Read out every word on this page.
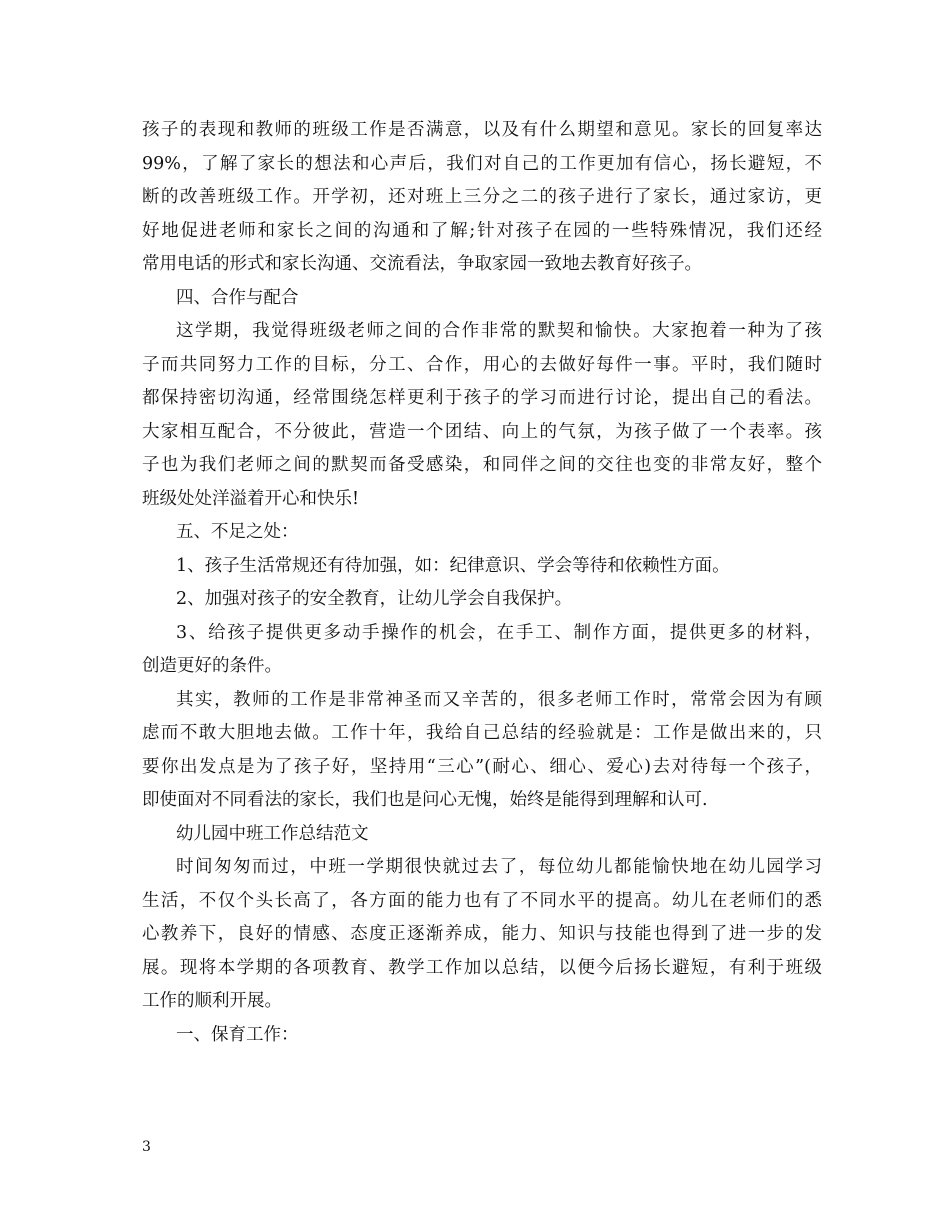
孩子的表现和教师的班级工作是否满意，以及有什么期望和意见。家长的回复率达
99%，了解了家长的想法和心声后，我们对自己的工作更加有信心，扬长避短，不
断的改善班级工作。开学初，还对班上三分之二的孩子进行了家长，通过家访，更
好地促进老师和家长之间的沟通和了解;针对孩子在园的一些特殊情况，我们还经
常用电话的形式和家长沟通、交流看法，争取家园一致地去教育好孩子。
四、合作与配合
这学期，我觉得班级老师之间的合作非常的默契和愉快。大家抱着一种为了孩
子而共同努力工作的目标，分工、合作，用心的去做好每件一事。平时，我们随时
都保持密切沟通，经常围绕怎样更利于孩子的学习而进行讨论，提出自己的看法。
大家相互配合，不分彼此，营造一个团结、向上的气氛，为孩子做了一个表率。孩
子也为我们老师之间的默契而备受感染，和同伴之间的交往也变的非常友好，整个
班级处处洋溢着开心和快乐!
五、不足之处：
1、孩子生活常规还有待加强，如：纪律意识、学会等待和依赖性方面。
2、加强对孩子的安全教育，让幼儿学会自我保护。
3、给孩子提供更多动手操作的机会，在手工、制作方面，提供更多的材料，
创造更好的条件。
其实，教师的工作是非常神圣而又辛苦的，很多老师工作时，常常会因为有顾
虑而不敢大胆地去做。工作十年，我给自己总结的经验就是：工作是做出来的，只
要你出发点是为了孩子好，坚持用“三心”(耐心、细心、爱心)去对待每一个孩子，
即使面对不同看法的家长，我们也是问心无愧，始终是能得到理解和认可.
幼儿园中班工作总结范文
时间匆匆而过，中班一学期很快就过去了，每位幼儿都能愉快地在幼儿园学习
生活，不仅个头长高了，各方面的能力也有了不同水平的提高。幼儿在老师们的悉
心教养下，良好的情感、态度正逐渐养成，能力、知识与技能也得到了进一步的发
展。现将本学期的各项教育、教学工作加以总结，以便今后扬长避短，有利于班级
工作的顺利开展。
一、保育工作：
3
